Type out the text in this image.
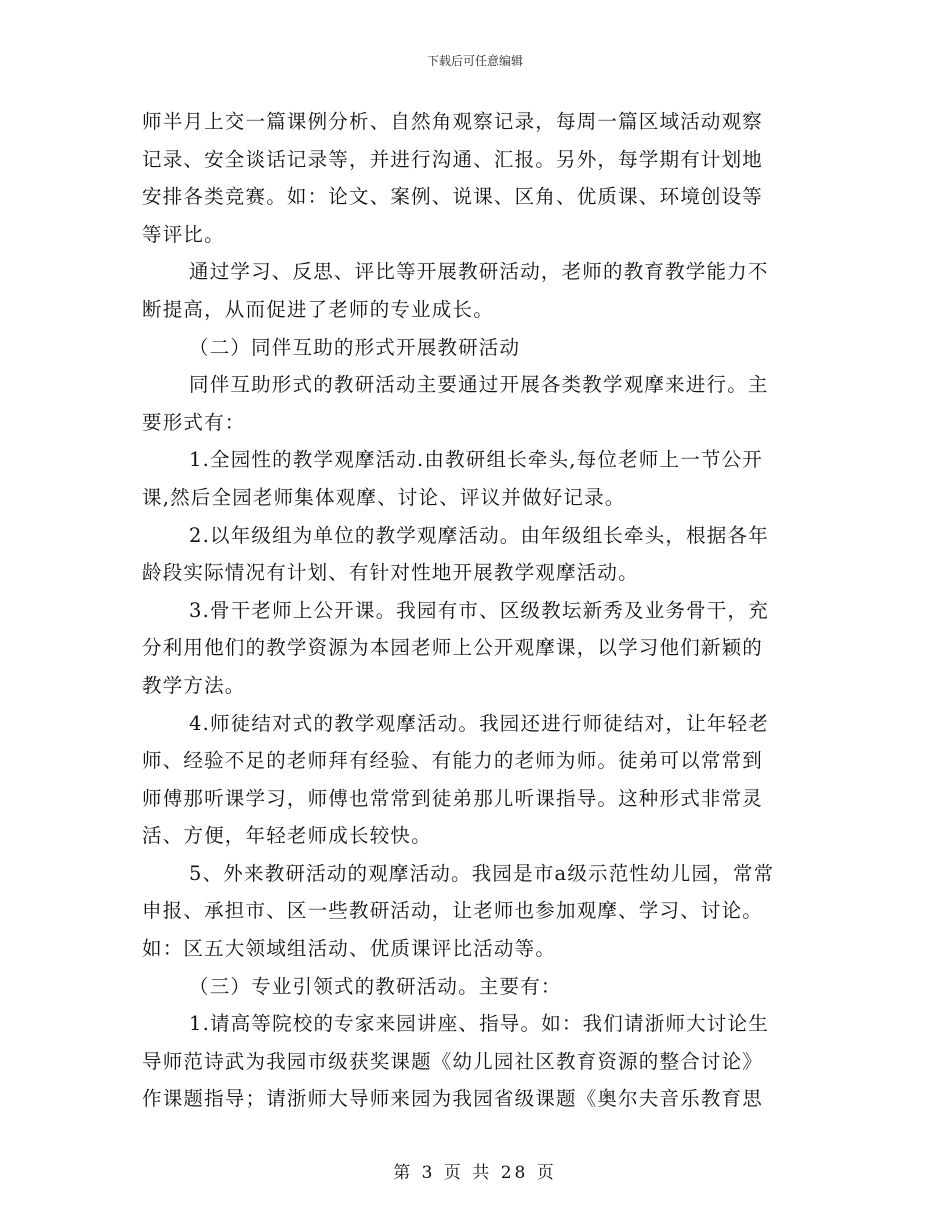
下载后可任意编辑
师半月上交一篇课例分析、自然角观察记录，每周一篇区域活动观察
记录、安全谈话记录等，并进行沟通、汇报。另外，每学期有计划地
安排各类竞赛。如：论文、案例、说课、区角、优质课、环境创设等
等评比。
通过学习、反思、评比等开展教研活动，老师的教育教学能力不
断提高，从而促进了老师的专业成长。
（二）同伴互助的形式开展教研活动
同伴互助形式的教研活动主要通过开展各类教学观摩来进行。主
要形式有：
1.全园性的教学观摩活动.由教研组长牵头,每位老师上一节公开
课,然后全园老师集体观摩、讨论、评议并做好记录。
2.以年级组为单位的教学观摩活动。由年级组长牵头，根据各年
龄段实际情况有计划、有针对性地开展教学观摩活动。
3.骨干老师上公开课。我园有市、区级教坛新秀及业务骨干，充
分利用他们的教学资源为本园老师上公开观摩课，以学习他们新颖的
教学方法。
4.师徒结对式的教学观摩活动。我园还进行师徒结对，让年轻老
师、经验不足的老师拜有经验、有能力的老师为师。徒弟可以常常到
师傅那听课学习，师傅也常常到徒弟那儿听课指导。这种形式非常灵
活、方便，年轻老师成长较快。
5、外来教研活动的观摩活动。我园是市a级示范性幼儿园，常常
申报、承担市、区一些教研活动，让老师也参加观摩、学习、讨论。
如：区五大领域组活动、优质课评比活动等。
（三）专业引领式的教研活动。主要有：
1.请高等院校的专家来园讲座、指导。如：我们请浙师大讨论生
导师范诗武为我园市级获奖课题《幼儿园社区教育资源的整合讨论》
作课题指导；请浙师大导师来园为我园省级课题《奥尔夫音乐教育思
第 3 页 共 28 页
